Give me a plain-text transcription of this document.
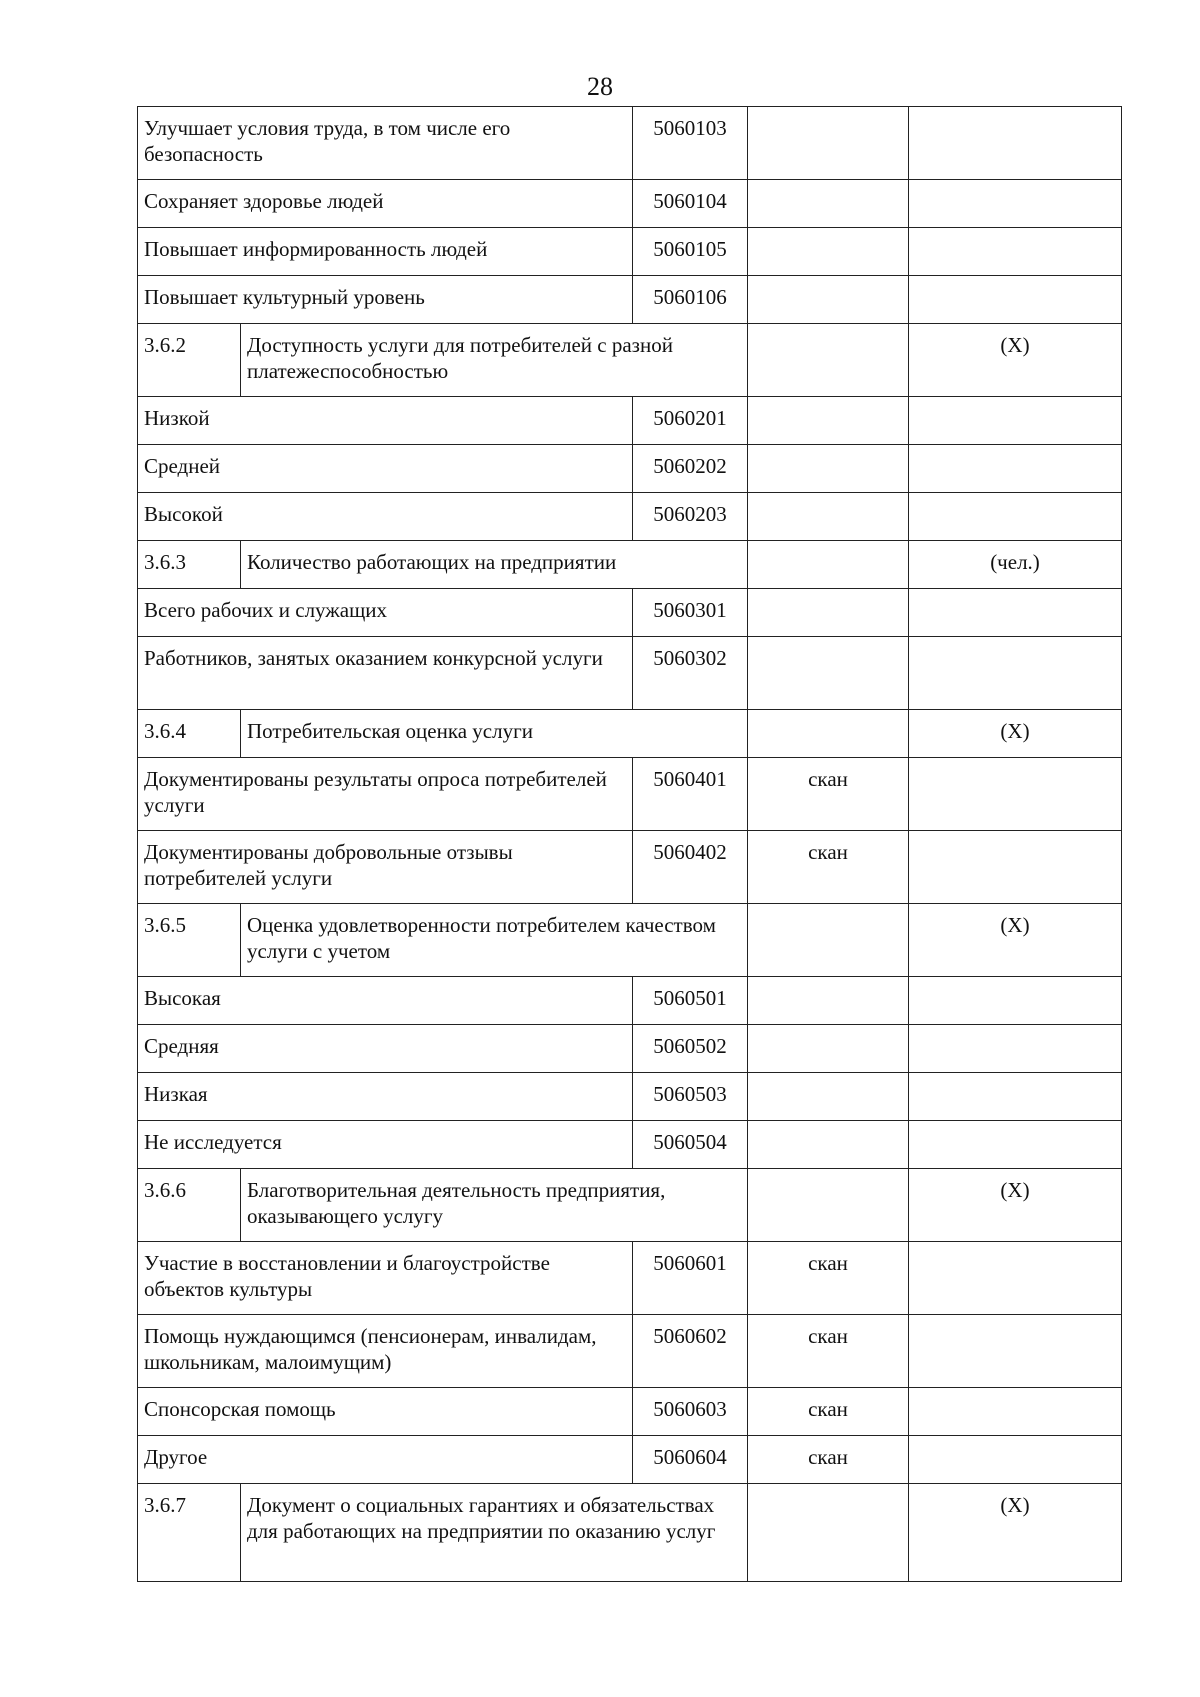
28
Улучшает условия труда, в том числе его безопасность		5060103		
Сохраняет здоровье людей		5060104		
Повышает информированность людей		5060105		
Повышает культурный уровень		5060106		
3.6.2	Доступность услуги для потребителей с разной платежеспособностью			(X)
Низкой		5060201		
Средней		5060202		
Высокой		5060203		
3.6.3	Количество работающих на предприятии			(чел.)
Всего рабочих и служащих		5060301		
Работников, занятых оказанием конкурсной услуги		5060302		
3.6.4	Потребительская оценка услуги			(X)
Документированы результаты опроса потребителей услуги		5060401	скан	
Документированы добровольные отзывы потребителей услуги		5060402	скан	
3.6.5	Оценка удовлетворенности потребителем качеством услуги с учетом			(X)
Высокая		5060501		
Средняя		5060502		
Низкая		5060503		
Не исследуется		5060504		
3.6.6	Благотворительная деятельность предприятия, оказывающего услугу			(X)
Участие в восстановлении и благоустройстве объектов культуры		5060601	скан	
Помощь нуждающимся (пенсионерам, инвалидам, школьникам, малоимущим)		5060602	скан	
Спонсорская помощь		5060603	скан	
Другое		5060604	скан	
3.6.7	Документ о социальных гарантиях и обязательствах для работающих на предприятии по оказанию услуг			(X)
